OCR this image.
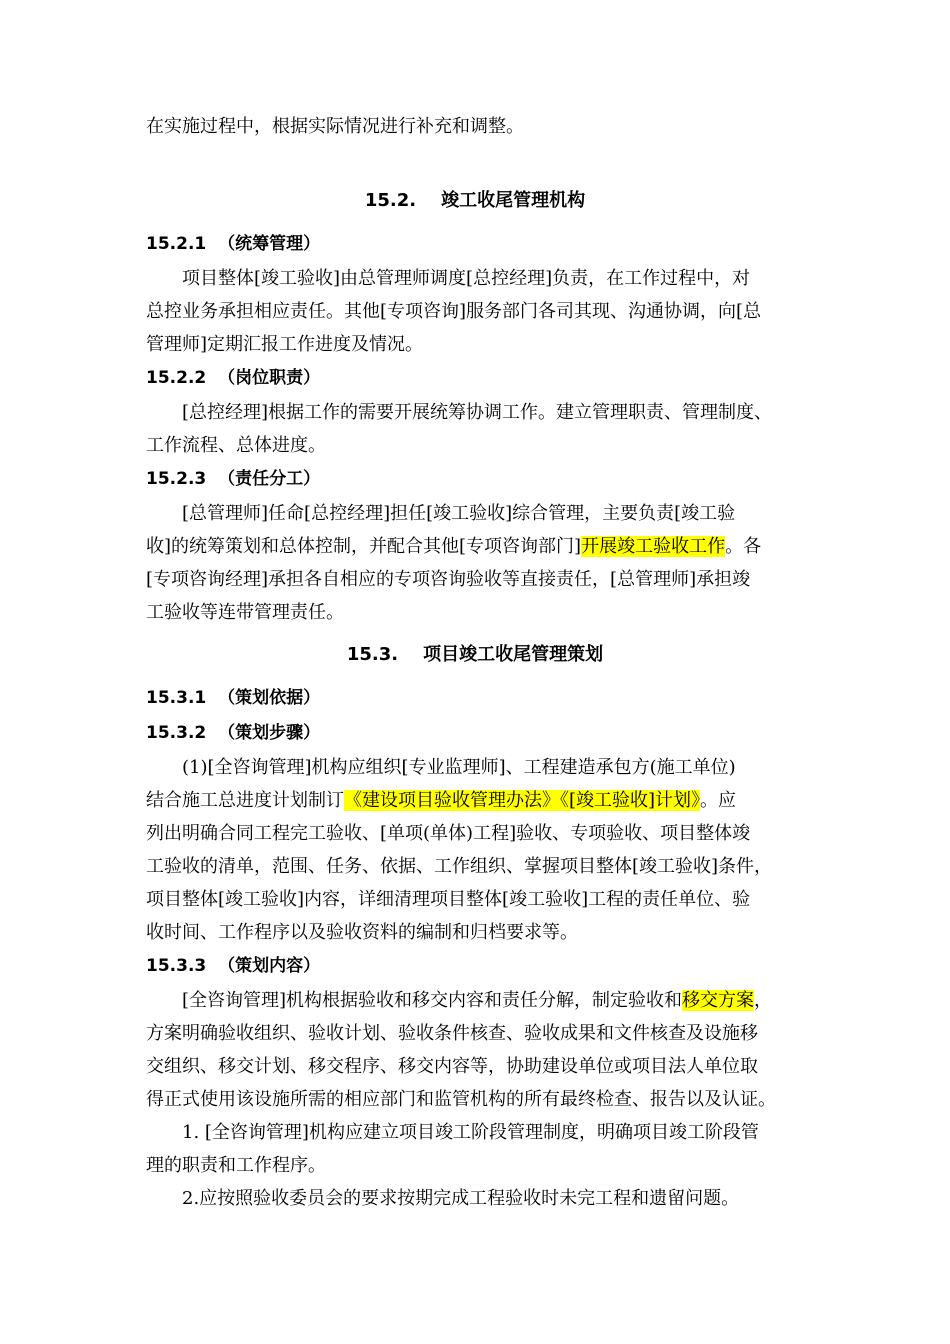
在实施过程中，根据实际情况进行补充和调整。
15.2.    竣工收尾管理机构
15.2.1  （统筹管理）
项目整体[竣工验收]由总管理师调度[总控经理]负责，在工作过程中，对
总控业务承担相应责任。其他[专项咨询]服务部门各司其现、沟通协调，向[总
管理师]定期汇报工作进度及情况。
15.2.2  （岗位职责）
[总控经理]根据工作的需要开展统筹协调工作。建立管理职责、管理制度、
工作流程、总体进度。
15.2.3  （责任分工）
[总管理师]任命[总控经理]担任[竣工验收]综合管理，主要负责[竣工验
收]的统筹策划和总体控制，并配合其他[专项咨询部门]开展竣工验收工作。各
[专项咨询经理]承担各自相应的专项咨询验收等直接责任，[总管理师]承担竣
工验收等连带管理责任。
15.3.    项目竣工收尾管理策划
15.3.1  （策划依据）
15.3.2  （策划步骤）
(1)[全咨询管理]机构应组织[专业监理师]、工程建造承包方(施工单位)
结合施工总进度计划制订《建设项目验收管理办法》《[竣工验收]计划》。应
列出明确合同工程完工验收、[单项(单体)工程]验收、专项验收、项目整体竣
工验收的清单，范围、任务、依据、工作组织、掌握项目整体[竣工验收]条件，
项目整体[竣工验收]内容，详细清理项目整体[竣工验收]工程的责任单位、验
收时间、工作程序以及验收资料的编制和归档要求等。
15.3.3  （策划内容）
[全咨询管理]机构根据验收和移交内容和责任分解，制定验收和移交方案，
方案明确验收组织、验收计划、验收条件核查、验收成果和文件核查及设施移
交组织、移交计划、移交程序、移交内容等，协助建设单位或项目法人单位取
得正式使用该设施所需的相应部门和监管机构的所有最终检查、报告以及认证。
1. [全咨询管理]机构应建立项目竣工阶段管理制度，明确项目竣工阶段管
理的职责和工作程序。
2.应按照验收委员会的要求按期完成工程验收时未完工程和遗留问题。
